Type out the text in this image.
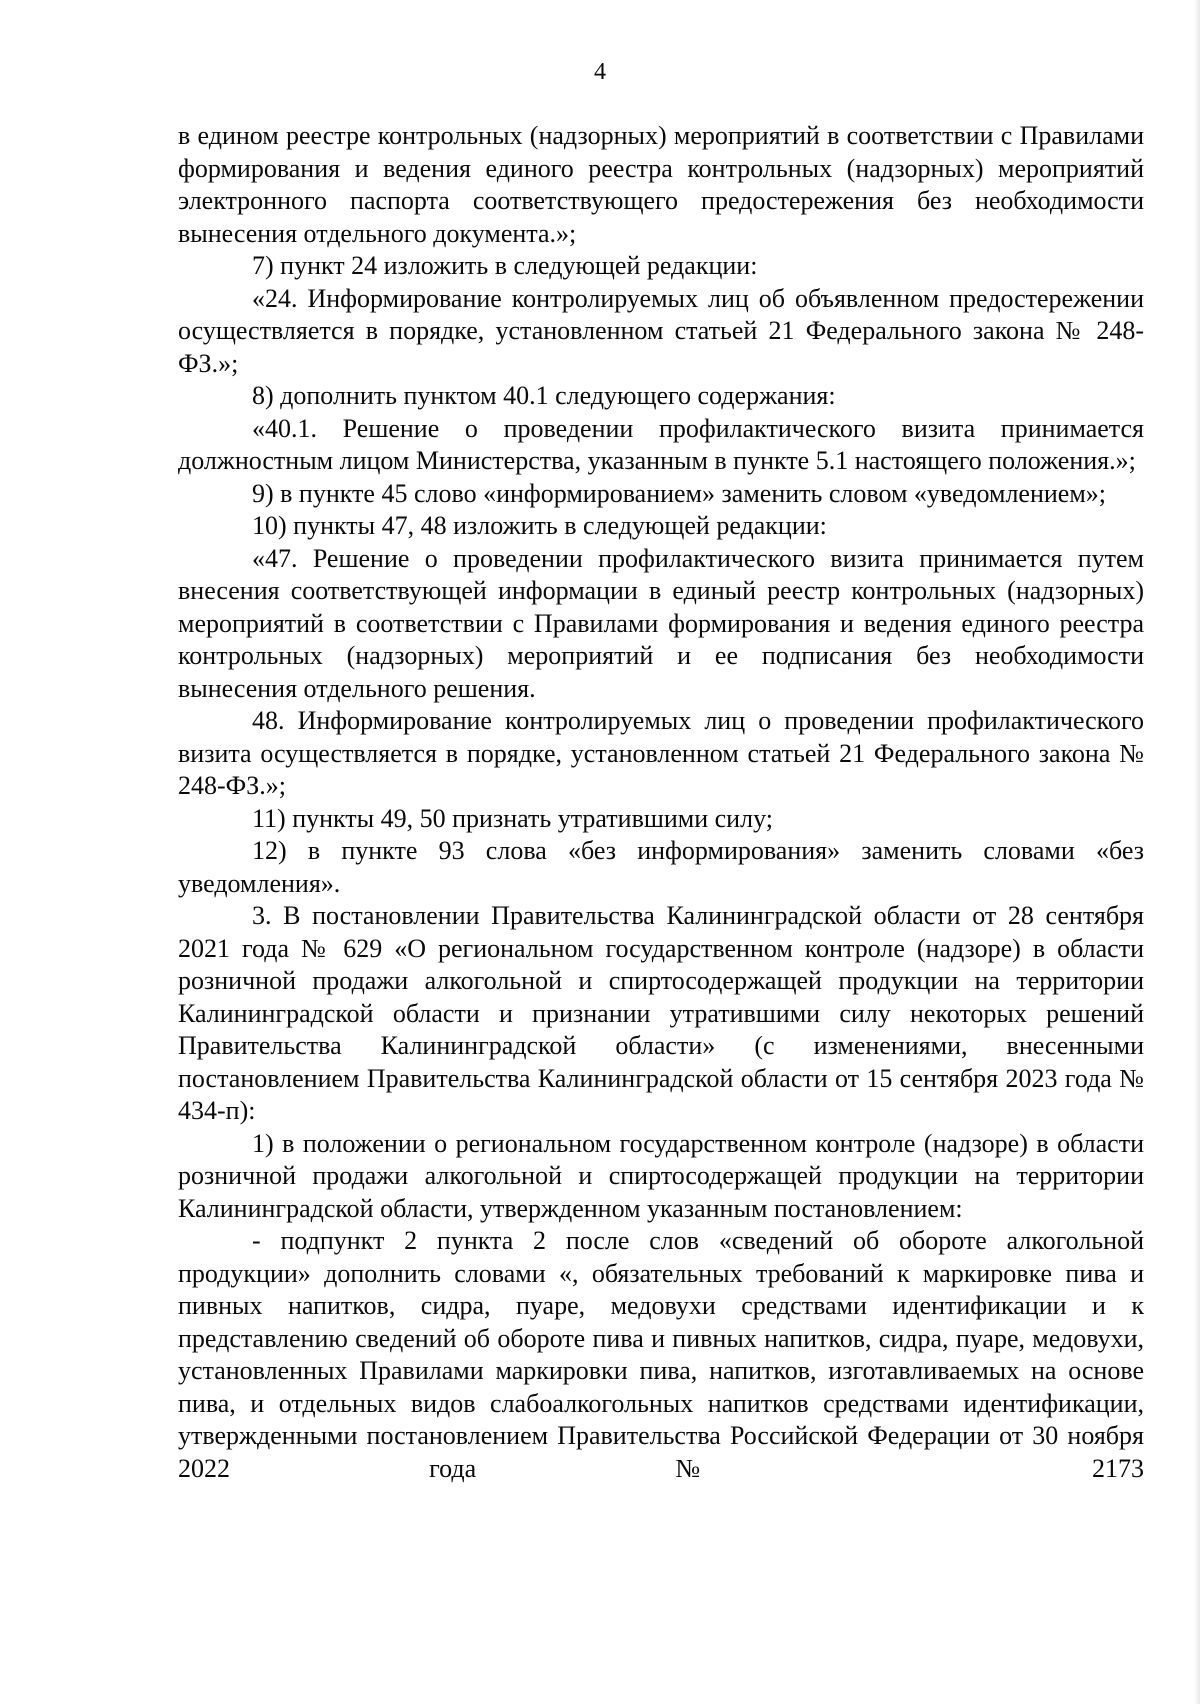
4

в едином реестре контрольных (надзорных) мероприятий в соответствии с Правилами формирования и ведения единого реестра контрольных (надзорных) мероприятий электронного паспорта соответствующего предостережения без необходимости вынесения отдельного документа.»;

7) пункт 24 изложить в следующей редакции:

«24. Информирование контролируемых лиц об объявленном предостережении осуществляется в порядке, установленном статьей 21 Федерального закона № 248-ФЗ.»;

8) дополнить пунктом 40.1 следующего содержания:

«40.1. Решение о проведении профилактического визита принимается должностным лицом Министерства, указанным в пункте 5.1 настоящего положения.»;

9) в пункте 45 слово «информированием» заменить словом «уведомлением»;

10) пункты 47, 48 изложить в следующей редакции:

«47. Решение о проведении профилактического визита принимается путем внесения соответствующей информации в единый реестр контрольных (надзорных) мероприятий в соответствии с Правилами формирования и ведения единого реестра контрольных (надзорных) мероприятий и ее подписания без необходимости вынесения отдельного решения.

48. Информирование контролируемых лиц о проведении профилактического визита осуществляется в порядке, установленном статьей 21 Федерального закона № 248-ФЗ.»;

11) пункты 49, 50 признать утратившими силу;

12) в пункте 93 слова «без информирования» заменить словами «без уведомления».

3. В постановлении Правительства Калининградской области от 28 сентября 2021 года № 629 «О региональном государственном контроле (надзоре) в области розничной продажи алкогольной и спиртосодержащей продукции на территории Калининградской области и признании утратившими силу некоторых решений Правительства Калининградской области» (с изменениями, внесенными постановлением Правительства Калининградской области от 15 сентября 2023 года № 434-п):

1) в положении о региональном государственном контроле (надзоре) в области розничной продажи алкогольной и спиртосодержащей продукции на территории Калининградской области, утвержденном указанным постановлением:

- подпункт 2 пункта 2 после слов «сведений об обороте алкогольной продукции» дополнить словами «, обязательных требований к маркировке пива и пивных напитков, сидра, пуаре, медовухи средствами идентификации и к представлению сведений об обороте пива и пивных напитков, сидра, пуаре, медовухи, установленных Правилами маркировки пива, напитков, изготавливаемых на основе пива, и отдельных видов слабоалкогольных напитков средствами идентификации, утвержденными постановлением Правительства Российской Федерации от 30 ноября 2022 года № 2173
